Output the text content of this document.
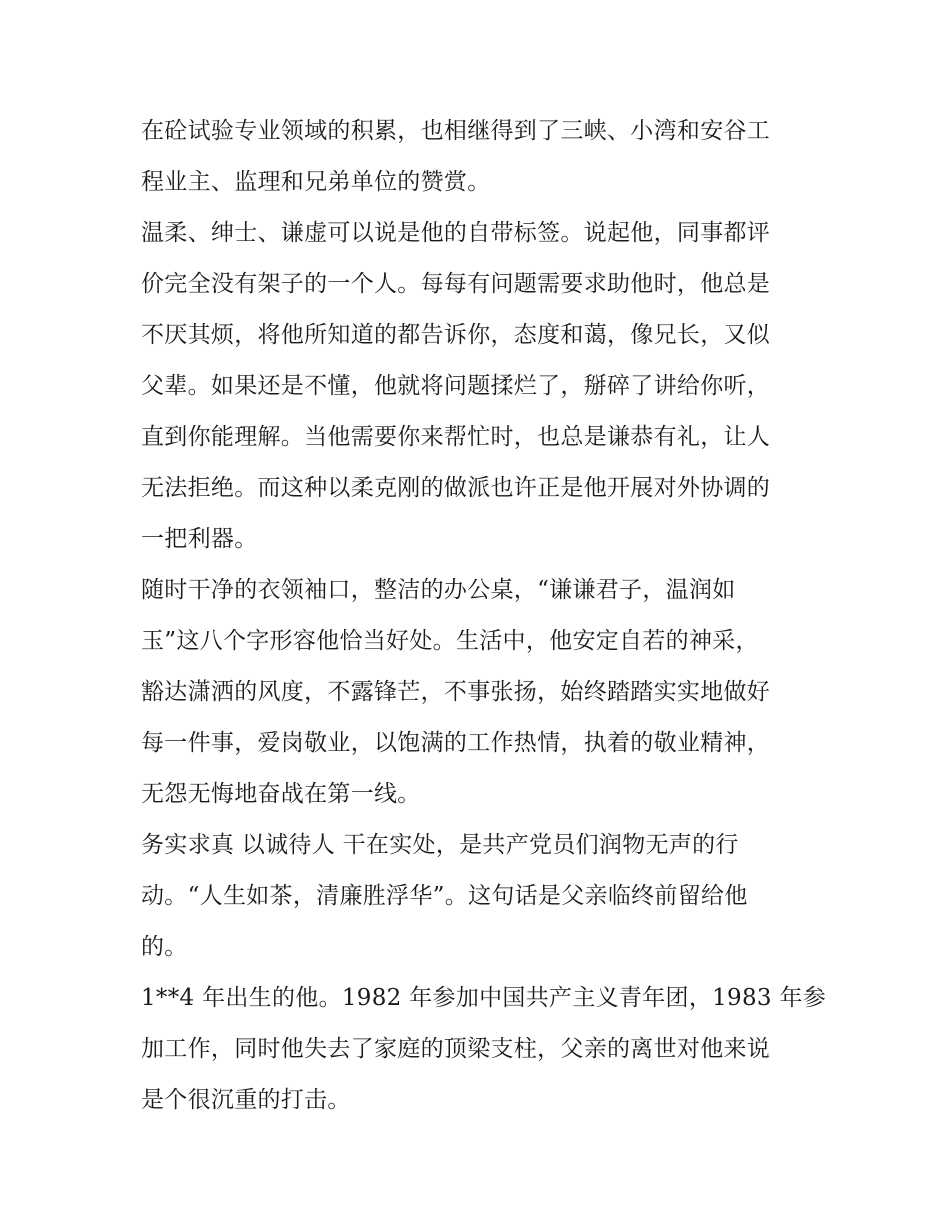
在砼试验专业领域的积累，也相继得到了三峡、小湾和安谷工
程业主、监理和兄弟单位的赞赏。
温柔、绅士、谦虚可以说是他的自带标签。说起他，同事都评
价完全没有架子的一个人。每每有问题需要求助他时，他总是
不厌其烦，将他所知道的都告诉你，态度和蔼，像兄长，又似
父辈。如果还是不懂，他就将问题揉烂了，掰碎了讲给你听，
直到你能理解。当他需要你来帮忙时，也总是谦恭有礼，让人
无法拒绝。而这种以柔克刚的做派也许正是他开展对外协调的
一把利器。
随时干净的衣领袖口，整洁的办公桌，“谦谦君子，温润如
玉”这八个字形容他恰当好处。生活中，他安定自若的神采，
豁达潇洒的风度，不露锋芒，不事张扬，始终踏踏实实地做好
每一件事，爱岗敬业，以饱满的工作热情，执着的敬业精神，
无怨无悔地奋战在第一线。
务实求真 以诚待人 干在实处，是共产党员们润物无声的行
动。“人生如茶，清廉胜浮华”。这句话是父亲临终前留给他
的。
1**4 年出生的他。1982 年参加中国共产主义青年团，1983 年参
加工作，同时他失去了家庭的顶梁支柱，父亲的离世对他来说
是个很沉重的打击。
